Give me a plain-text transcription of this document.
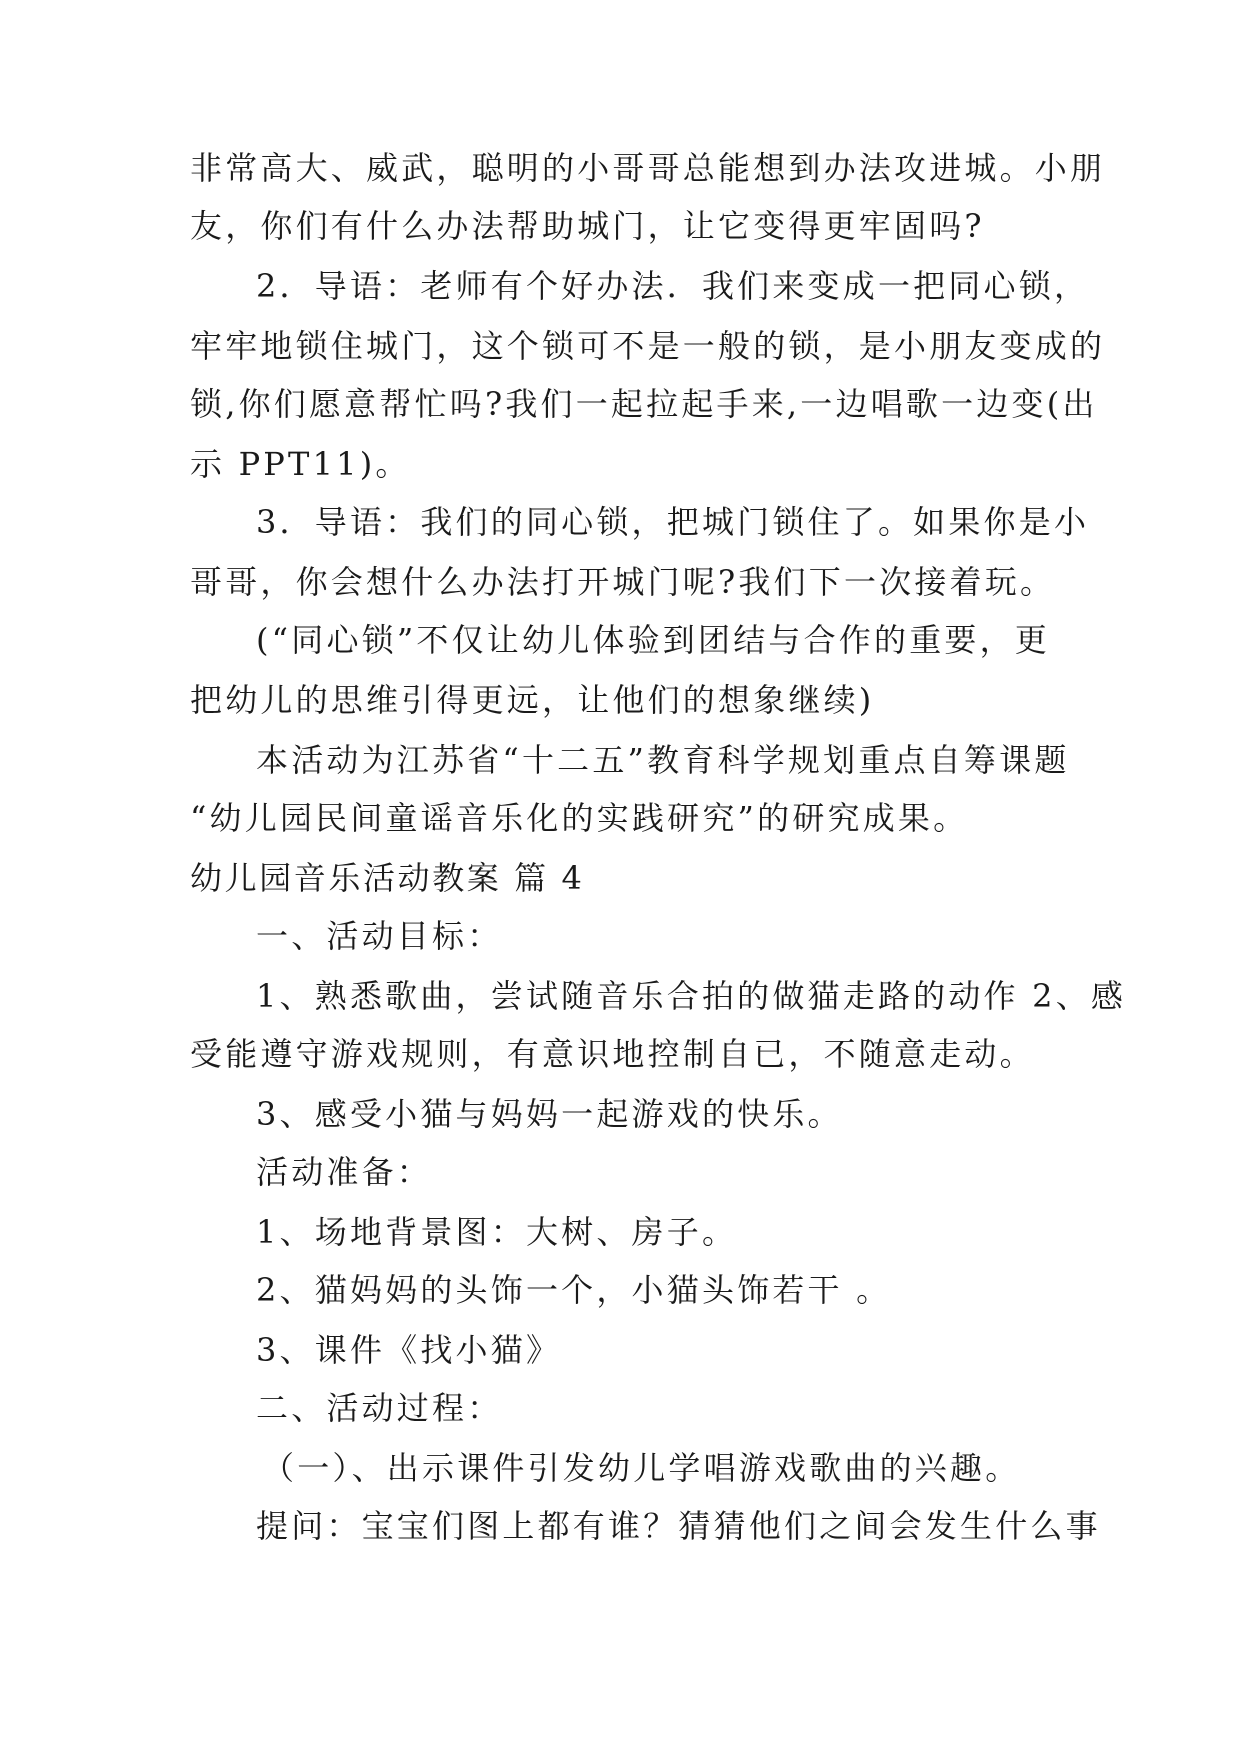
非常高大、威武，聪明的小哥哥总能想到办法攻进城。小朋
友，你们有什么办法帮助城门，让它变得更牢固吗?
2．导语：老师有个好办法．我们来变成一把同心锁，
牢牢地锁住城门，这个锁可不是一般的锁，是小朋友变成的
锁,你们愿意帮忙吗?我们一起拉起手来,一边唱歌一边变(出
示 PPT11)。
3．导语：我们的同心锁，把城门锁住了。如果你是小
哥哥，你会想什么办法打开城门呢?我们下一次接着玩。
(“同心锁”不仅让幼儿体验到团结与合作的重要，更
把幼儿的思维引得更远，让他们的想象继续)
本活动为江苏省“十二五”教育科学规划重点自筹课题
“幼儿园民间童谣音乐化的实践研究”的研究成果。
幼儿园音乐活动教案 篇 4
一、活动目标：
1、熟悉歌曲，尝试随音乐合拍的做猫走路的动作 2、感
受能遵守游戏规则，有意识地控制自已，不随意走动。
3、感受小猫与妈妈一起游戏的快乐。
活动准备：
1、场地背景图：大树、房子。
2、猫妈妈的头饰一个，小猫头饰若干 。
3、课件《找小猫》
二、活动过程：
（一）、出示课件引发幼儿学唱游戏歌曲的兴趣。
提问：宝宝们图上都有谁？猜猜他们之间会发生什么事
